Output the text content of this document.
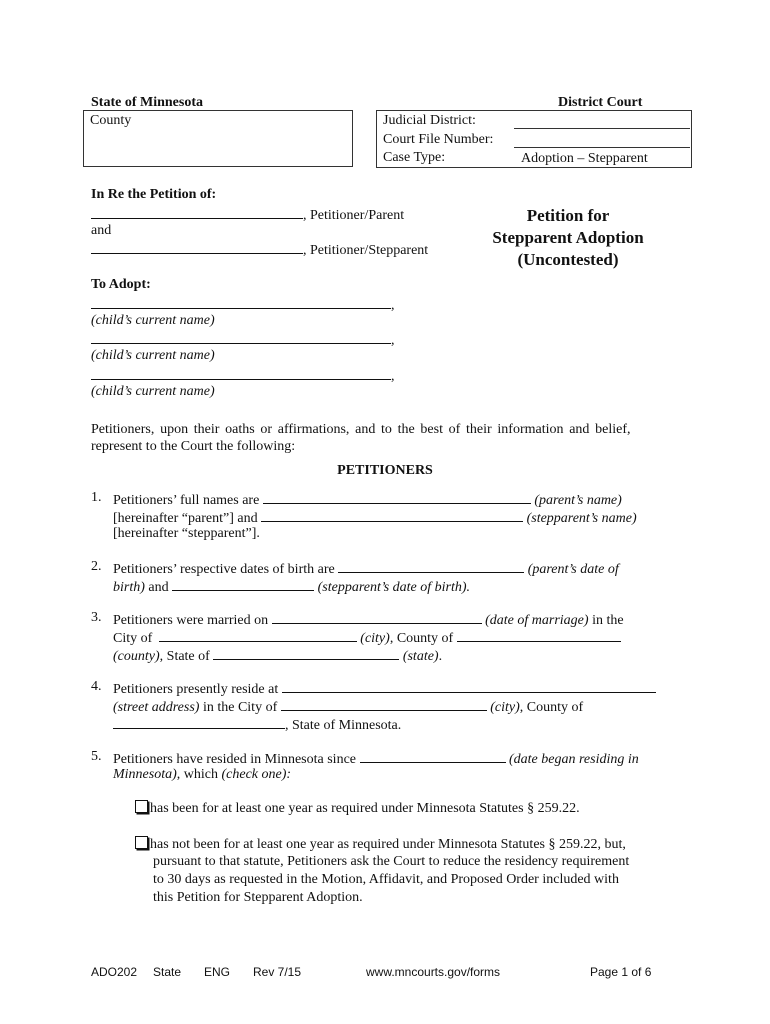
State of Minnesota
County
District Court
Judicial District:
Court File Number:
Case Type:	Adoption – Stepparent
In Re the Petition of:
, Petitioner/Parent
and
, Petitioner/Stepparent
Petition for
Stepparent Adoption
(Uncontested)
To Adopt:
,
(child’s current name)
,
(child’s current name)
,
(child’s current name)
Petitioners, upon their oaths or affirmations, and to the best of their information and belief,
represent to the Court the following:
PETITIONERS
1. Petitioners’ full names are	(parent’s name)
[hereinafter “parent”] and	(stepparent’s name)
[hereinafter “stepparent”].
2. Petitioners’ respective dates of birth are	(parent’s date of
birth) and	(stepparent’s date of birth).
3. Petitioners were married on	(date of marriage) in the
City of	(city), County of
(county), State of	(state).
4. Petitioners presently reside at
(street address) in the City of	(city), County of
, State of Minnesota.
5. Petitioners have resided in Minnesota since	(date began residing in
Minnesota), which (check one):
has been for at least one year as required under Minnesota Statutes § 259.22.
has not been for at least one year as required under Minnesota Statutes § 259.22, but,
pursuant to that statute, Petitioners ask the Court to reduce the residency requirement
to 30 days as requested in the Motion, Affidavit, and Proposed Order included with
this Petition for Stepparent Adoption.
ADO202 State ENG Rev 7/15	www.mncourts.gov/forms	Page 1 of 6
